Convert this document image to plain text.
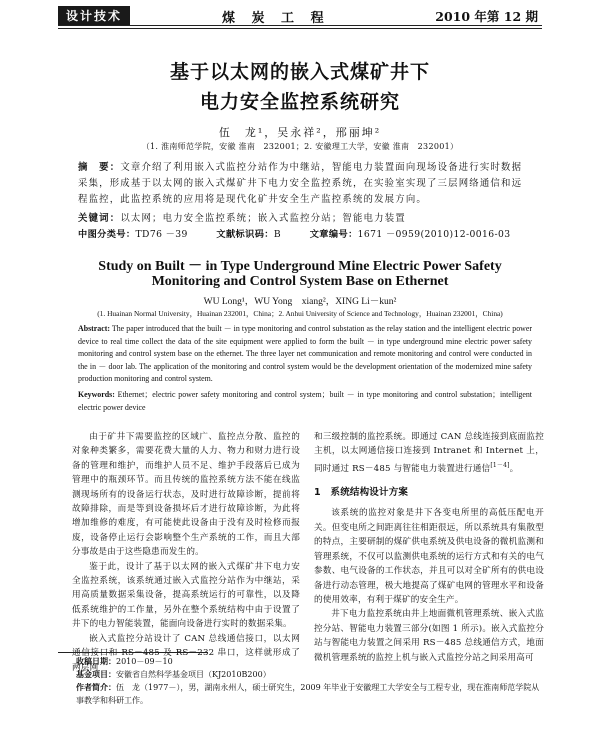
设计技术	煤 炭 工 程	2010 年第 12 期
基于以太网的嵌入式煤矿井下
电力安全监控系统研究
伍　龙¹，吴永祥²，邢丽坤²
（1. 淮南师范学院，安徽 淮南　232001；2. 安徽理工大学，安徽 淮南　232001）
摘　要：文章介绍了利用嵌入式监控分站作为中继站，智能电力装置面向现场设备进行实时数据采集，形成基于以太网的嵌入式煤矿井下电力安全监控系统，在实验室实现了三层网络通信和远程监控，此监控系统的应用将是现代化矿井安全生产监控系统的发展方向。
关键词：以太网；电力安全监控系统；嵌入式监控分站；智能电力装置
中图分类号：TD76 －39	文献标识码：B	文章编号：1671 －0959(2010)12-0016-03
Study on Built － in Type Underground Mine Electric Power Safety
Monitoring and Control System Base on Ethernet
WU Long¹，WU Yong　xiang²，XING Li－kun²
(1. Huainan Normal University，Huainan 232001，China；2. Anhui University of Science and Technology，Huainan 232001，China)
Abstract: The paper introduced that the built － in type monitoring and control substation as the relay station and the intelligent electric power device to real time collect the data of the site equipment were applied to form the built － in type underground mine electric power safety monitoring and control system base on the ethernet. The three layer net communication and remote monitoring and control were conducted in the in － door lab. The application of the monitoring and control system would be the development orientation of the modernized mine safety production monitoring and control system.
Keywords: Ethernet；electric power safety monitoring and control system；built － in type monitoring and control substation；intelligent electric power device

由于矿井下需要监控的区域广、监控点分散、监控的对象种类繁多，需要花费大量的人力、物力和财力进行设备的管理和维护，而维护人员不足、维护手段落后已成为管理中的瓶颈环节。而且传统的监控系统方法不能在线监测现场所有的设备运行状态，及时进行故障诊断，提前将故障排除，而是等到设备损坏后才进行故障诊断，为此将增加维修的难度，有可能使此设备由于没有及时检修而报废，设备停止运行会影响整个生产系统的工作，而且大部分事故是由于这些隐患而发生的。

鉴于此，设计了基于以太网的嵌入式煤矿井下电力安全监控系统，该系统通过嵌入式监控分站作为中继站，采用高质量数据采集设备，提高系统运行的可靠性，以及降低系统维护的工作量，另外在整个系统结构中由于设置了井下的电力智能装置，能面向设备进行实时的数据采集。

嵌入式监控分站设计了 CAN 总线通信接口，以太网通信接口和 RS－485 及 RS－232 串口，这样就形成了两层网

和三级控制的监控系统。即通过 CAN 总线连接到底面监控主机，以太网通信接口连接到 Intranet 和 Internet 上，同时通过 RS－485 与智能电力装置进行通信[1－4]。

1　系统结构设计方案

该系统的监控对象是井下各变电所里的高低压配电开关。但变电所之间距离往往相距很远，所以系统具有集散型的特点，主要研制的煤矿供电系统及供电设备的微机监测和管理系统，不仅可以监测供电系统的运行方式和有关的电气参数、电气设备的工作状态，并且可以对全矿所有的供电设备进行动态管理，极大地提高了煤矿电网的管理水平和设备的使用效率，有利于煤矿的安全生产。

井下电力监控系统由井上地面微机管理系统、嵌入式监控分站、智能电力装置三部分(如图 1 所示)。嵌入式监控分站与智能电力装置之间采用 RS－485 总线通信方式，地面微机管理系统的监控上机与嵌入式监控分站之间采用高可

收稿日期：2010－09－10
基金项目：安徽省自然科学基金项目（KJ2010B200）
作者简介：伍　龙（1977－），男，湖南永州人，硕士研究生，2009 年毕业于安徽理工大学安全与工程专业，现在淮南师范学院从事教学和科研工作。
